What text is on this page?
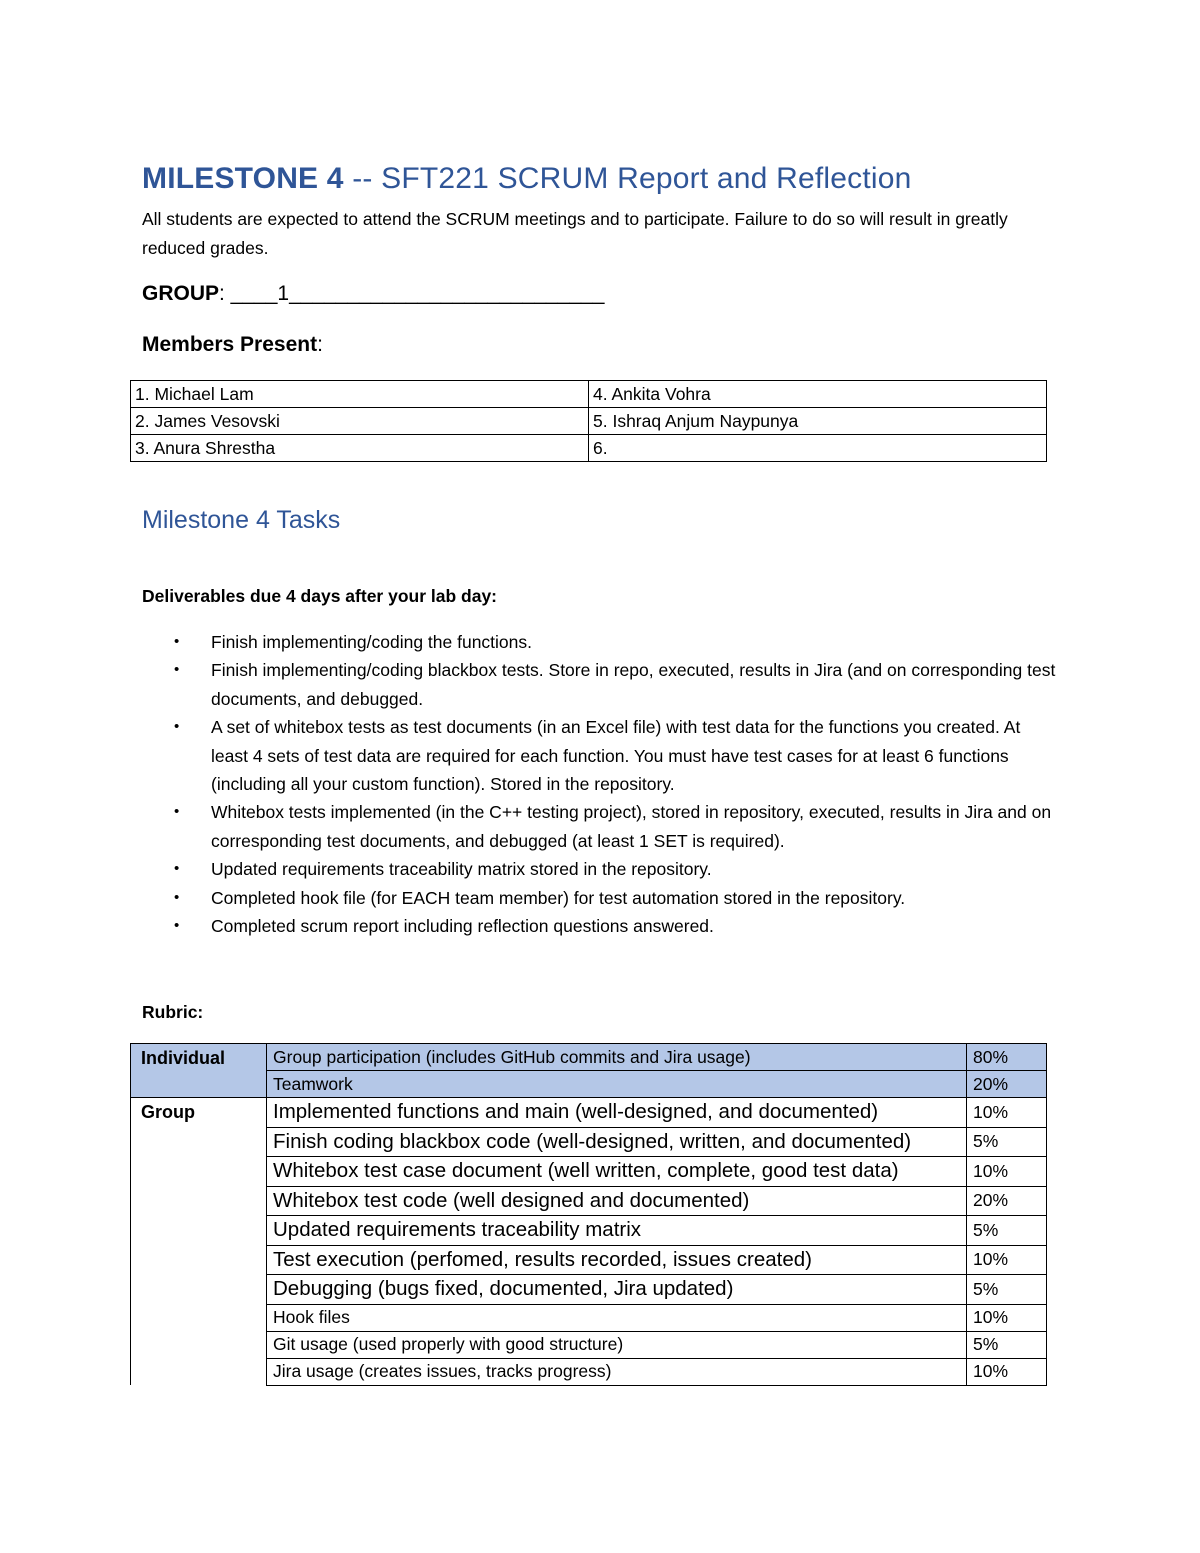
MILESTONE 4 -- SFT221 SCRUM Report and Reflection
All students are expected to attend the SCRUM meetings and to participate. Failure to do so will result in greatly reduced grades.
GROUP: ____1___________________________
Members Present:
1. Michael Lam	4. Ankita Vohra
2. James Vesovski	5. Ishraq Anjum Naypunya
3. Anura Shrestha	6.
Milestone 4 Tasks
Deliverables due 4 days after your lab day:
• Finish implementing/coding the functions.
• Finish implementing/coding blackbox tests. Store in repo, executed, results in Jira (and on corresponding test documents, and debugged.
• A set of whitebox tests as test documents (in an Excel file) with test data for the functions you created. At least 4 sets of test data are required for each function. You must have test cases for at least 6 functions (including all your custom function). Stored in the repository.
• Whitebox tests implemented (in the C++ testing project), stored in repository, executed, results in Jira and on corresponding test documents, and debugged (at least 1 SET is required).
• Updated requirements traceability matrix stored in the repository.
• Completed hook file (for EACH team member) for test automation stored in the repository.
• Completed scrum report including reflection questions answered.
Rubric:
Individual	Group participation (includes GitHub commits and Jira usage)	80%
	Teamwork	20%
Group	Implemented functions and main (well-designed, and documented)	10%
	Finish coding blackbox code (well-designed, written, and documented)	5%
	Whitebox test case document (well written, complete, good test data)	10%
	Whitebox test code (well designed and documented)	20%
	Updated requirements traceability matrix	5%
	Test execution (perfomed, results recorded, issues created)	10%
	Debugging (bugs fixed, documented, Jira updated)	5%
	Hook files	10%
	Git usage (used properly with good structure)	5%
	Jira usage (creates issues, tracks progress)	10%
